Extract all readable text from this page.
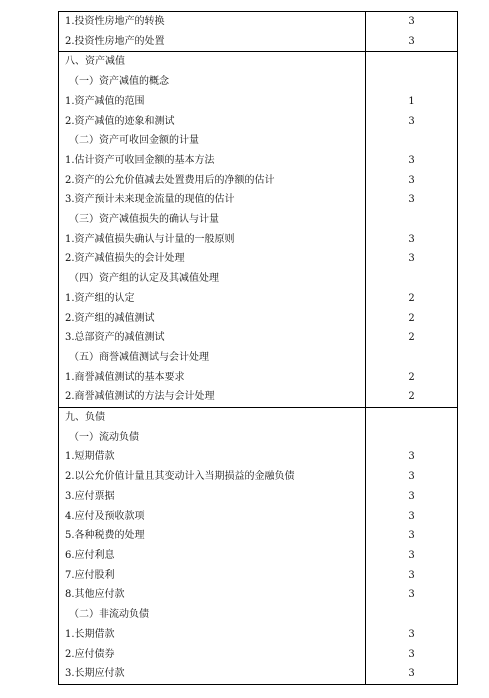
1.投资性房地产的转换	3
2.投资性房地产的处置	3
八、资产减值	
（一）资产减值的概念	
1.资产减值的范围	1
2.资产减值的迹象和测试	3
（二）资产可收回金额的计量	
1.估计资产可收回金额的基本方法	3
2.资产的公允价值减去处置费用后的净额的估计	3
3.资产预计未来现金流量的现值的估计	3
（三）资产减值损失的确认与计量	
1.资产减值损失确认与计量的一般原则	3
2.资产减值损失的会计处理	3
（四）资产组的认定及其减值处理	
1.资产组的认定	2
2.资产组的减值测试	2
3.总部资产的减值测试	2
（五）商誉减值测试与会计处理	
1.商誉减值测试的基本要求	2
2.商誉减值测试的方法与会计处理	2
九、负债	
（一）流动负债	
1.短期借款	3
2.以公允价值计量且其变动计入当期损益的金融负债	3
3.应付票据	3
4.应付及预收款项	3
5.各种税费的处理	3
6.应付利息	3
7.应付股利	3
8.其他应付款	3
（二）非流动负债	
1.长期借款	3
2.应付债券	3
3.长期应付款	3
